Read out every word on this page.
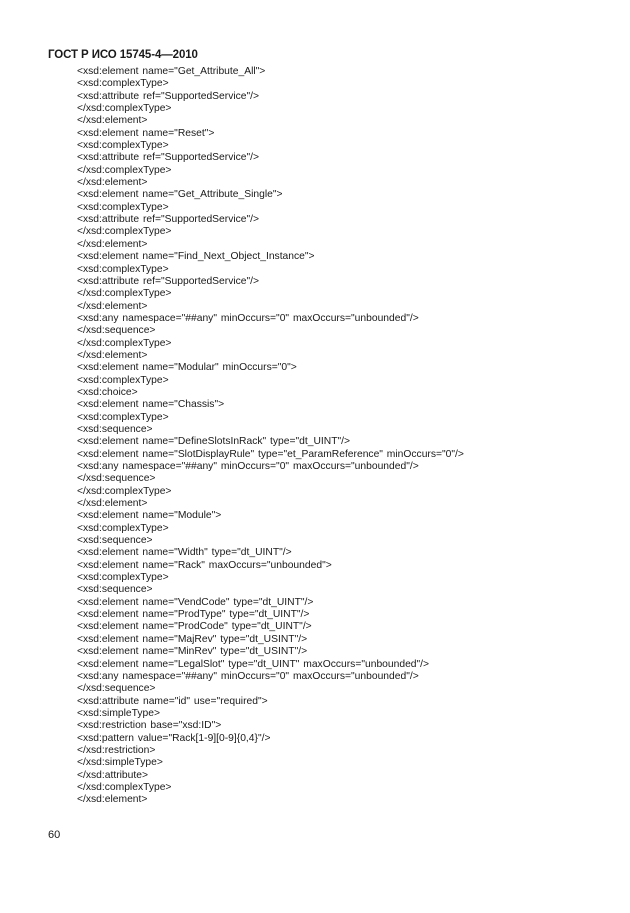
ГОСТ Р ИСО 15745-4—2010
<xsd:element name="Get_Attribute_All">
<xsd:complexType>
<xsd:attribute ref="SupportedService"/>
</xsd:complexType>
</xsd:element>
<xsd:element name="Reset">
<xsd:complexType>
<xsd:attribute ref="SupportedService"/>
</xsd:complexType>
</xsd:element>
<xsd:element name="Get_Attribute_Single">
<xsd:complexType>
<xsd:attribute ref="SupportedService"/>
</xsd:complexType>
</xsd:element>
<xsd:element name="Find_Next_Object_Instance">
<xsd:complexType>
<xsd:attribute ref="SupportedService"/>
</xsd:complexType>
</xsd:element>
<xsd:any namespace="##any" minOccurs="0" maxOccurs="unbounded"/>
</xsd:sequence>
</xsd:complexType>
</xsd:element>
<xsd:element name="Modular" minOccurs="0">
<xsd:complexType>
<xsd:choice>
<xsd:element name="Chassis">
<xsd:complexType>
<xsd:sequence>
<xsd:element name="DefineSlotsInRack" type="dt_UINT"/>
<xsd:element name="SlotDisplayRule" type="et_ParamReference" minOccurs="0"/>
<xsd:any namespace="##any" minOccurs="0" maxOccurs="unbounded"/>
</xsd:sequence>
</xsd:complexType>
</xsd:element>
<xsd:element name="Module">
<xsd:complexType>
<xsd:sequence>
<xsd:element name="Width" type="dt_UINT"/>
<xsd:element name="Rack" maxOccurs="unbounded">
<xsd:complexType>
<xsd:sequence>
<xsd:element name="VendCode" type="dt_UINT"/>
<xsd:element name="ProdType" type="dt_UINT"/>
<xsd:element name="ProdCode" type="dt_UINT"/>
<xsd:element name="MajRev" type="dt_USINT"/>
<xsd:element name="MinRev" type="dt_USINT"/>
<xsd:element name="LegalSlot" type="dt_UINT" maxOccurs="unbounded"/>
<xsd:any namespace="##any" minOccurs="0" maxOccurs="unbounded"/>
</xsd:sequence>
<xsd:attribute name="id" use="required">
<xsd:simpleType>
<xsd:restriction base="xsd:ID">
<xsd:pattern value="Rack[1-9][0-9]{0,4}"/>
</xsd:restriction>
</xsd:simpleType>
</xsd:attribute>
</xsd:complexType>
</xsd:element>
60
